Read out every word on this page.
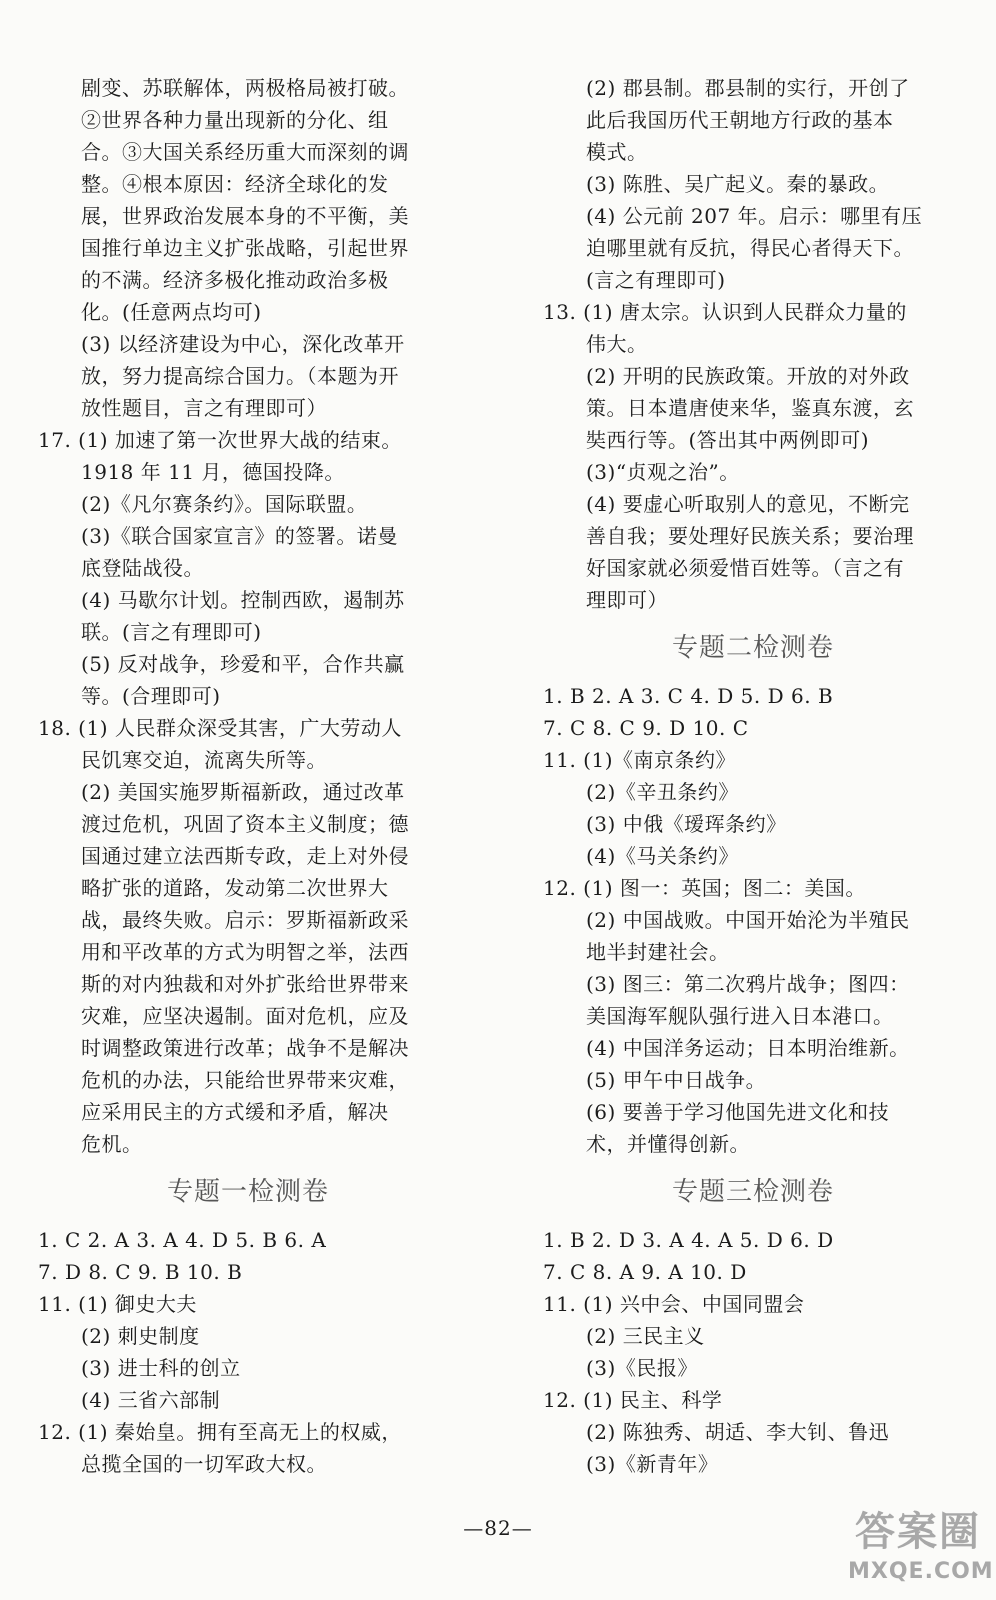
剧变、苏联解体，两极格局被打破。
②世界各种力量出现新的分化、组
合。③大国关系经历重大而深刻的调
整。④根本原因：经济全球化的发
展，世界政治发展本身的不平衡，美
国推行单边主义扩张战略，引起世界
的不满。经济多极化推动政治多极
化。(任意两点均可)
(3) 以经济建设为中心，深化改革开
放，努力提高综合国力。（本题为开
放性题目，言之有理即可）
17. (1) 加速了第一次世界大战的结束。
1918 年 11 月，德国投降。
(2)《凡尔赛条约》。国际联盟。
(3)《联合国家宣言》的签署。诺曼
底登陆战役。
(4) 马歇尔计划。控制西欧，遏制苏
联。(言之有理即可)
(5) 反对战争，珍爱和平，合作共赢
等。(合理即可)
18. (1) 人民群众深受其害，广大劳动人
民饥寒交迫，流离失所等。
(2) 美国实施罗斯福新政，通过改革
渡过危机，巩固了资本主义制度；德
国通过建立法西斯专政，走上对外侵
略扩张的道路，发动第二次世界大
战，最终失败。启示：罗斯福新政采
用和平改革的方式为明智之举，法西
斯的对内独裁和对外扩张给世界带来
灾难，应坚决遏制。面对危机，应及
时调整政策进行改革；战争不是解决
危机的办法，只能给世界带来灾难，
应采用民主的方式缓和矛盾，解决
危机。
专题一检测卷
1. C 2. A 3. A 4. D 5. B 6. A
7. D 8. C 9. B 10. B
11. (1) 御史大夫
(2) 刺史制度
(3) 进士科的创立
(4) 三省六部制
12. (1) 秦始皇。拥有至高无上的权威，
总揽全国的一切军政大权。
(2) 郡县制。郡县制的实行，开创了
此后我国历代王朝地方行政的基本
模式。
(3) 陈胜、吴广起义。秦的暴政。
(4) 公元前 207 年。启示：哪里有压
迫哪里就有反抗，得民心者得天下。
(言之有理即可)
13. (1) 唐太宗。认识到人民群众力量的
伟大。
(2) 开明的民族政策。开放的对外政
策。日本遣唐使来华，鉴真东渡，玄
奘西行等。(答出其中两例即可)
(3)“贞观之治”。
(4) 要虚心听取别人的意见，不断完
善自我；要处理好民族关系；要治理
好国家就必须爱惜百姓等。（言之有
理即可）
专题二检测卷
1. B 2. A 3. C 4. D 5. D 6. B
7. C 8. C 9. D 10. C
11. (1)《南京条约》
(2)《辛丑条约》
(3) 中俄《瑷珲条约》
(4)《马关条约》
12. (1) 图一：英国；图二：美国。
(2) 中国战败。中国开始沦为半殖民
地半封建社会。
(3) 图三：第二次鸦片战争；图四：
美国海军舰队强行进入日本港口。
(4) 中国洋务运动；日本明治维新。
(5) 甲午中日战争。
(6) 要善于学习他国先进文化和技
术，并懂得创新。
专题三检测卷
1. B 2. D 3. A 4. A 5. D 6. D
7. C 8. A 9. A 10. D
11. (1) 兴中会、中国同盟会
(2) 三民主义
(3)《民报》
12. (1) 民主、科学
(2) 陈独秀、胡适、李大钊、鲁迅
(3)《新青年》
—82—	答案圈
MXQE.COM
